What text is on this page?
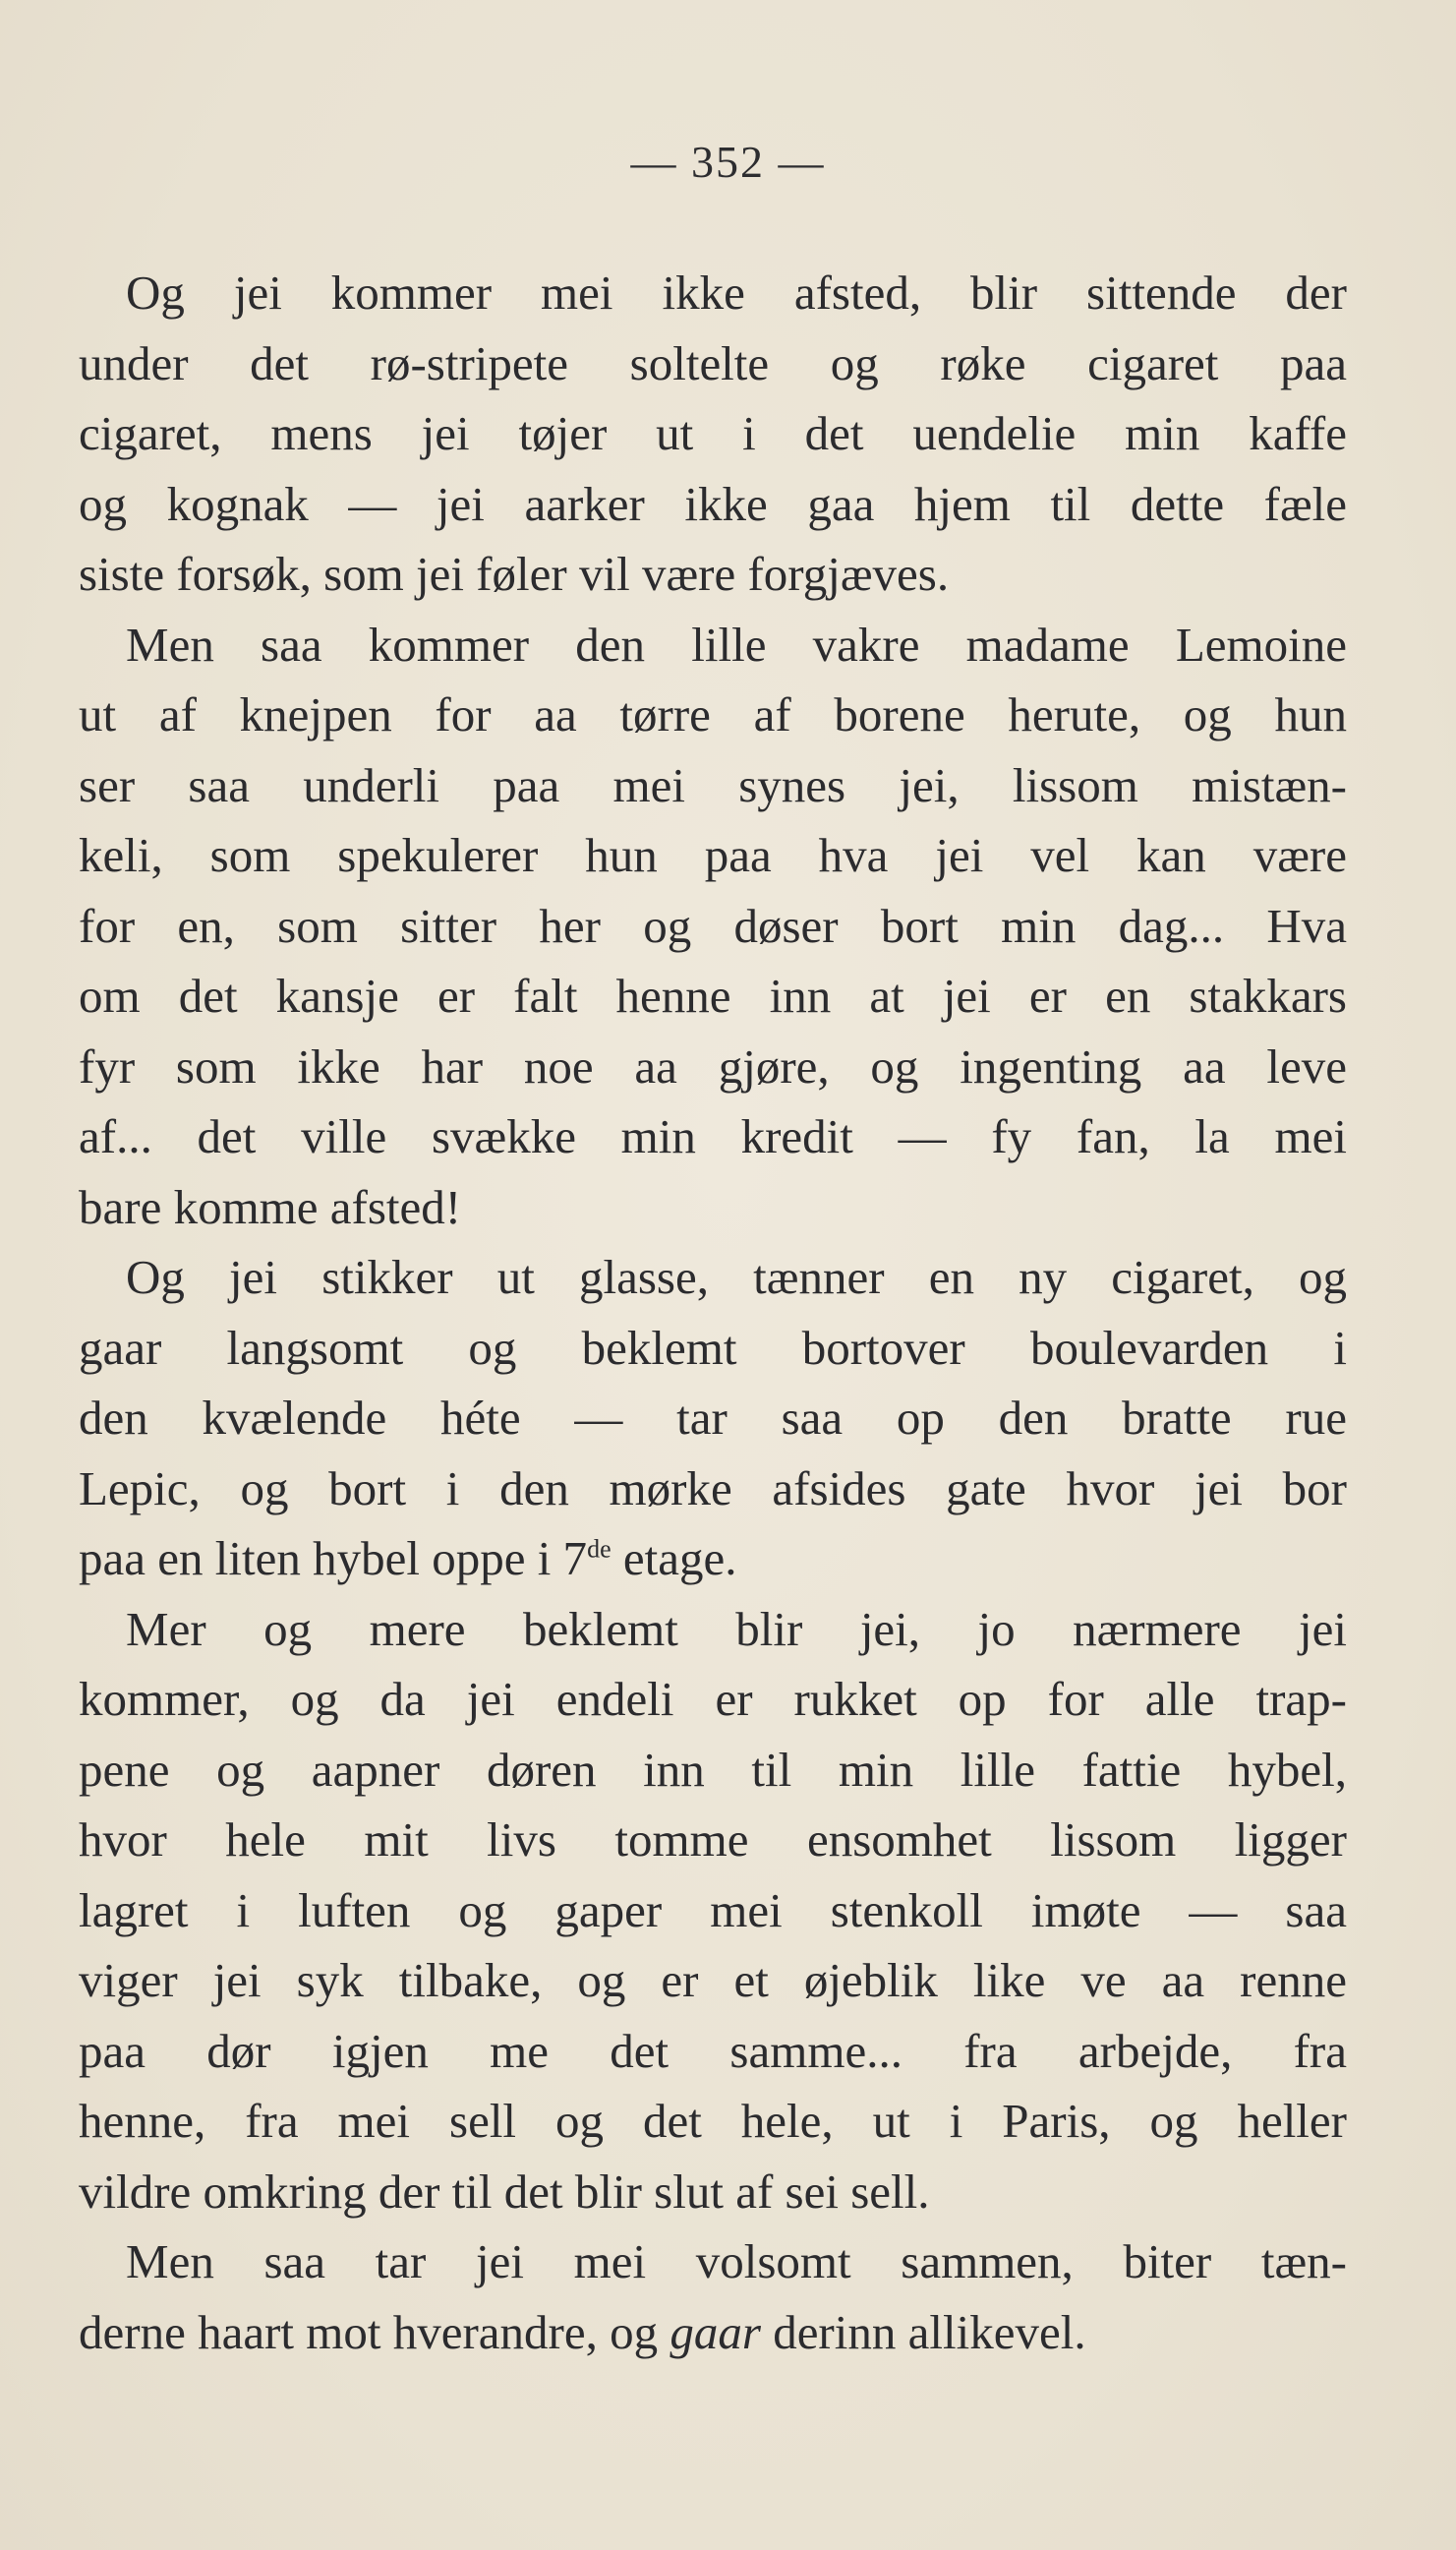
— 352 —
Og jei kommer mei ikke afsted, blir sittende der
under det rø-stripete soltelte og røke cigaret paa
cigaret, mens jei tøjer ut i det uendelie min kaffe
og kognak — jei aarker ikke gaa hjem til dette fæle
siste forsøk, som jei føler vil være forgjæves.
Men saa kommer den lille vakre madame Lemoine
ut af knejpen for aa tørre af borene herute, og hun
ser saa underli paa mei synes jei, lissom mistæn-
keli, som spekulerer hun paa hva jei vel kan være
for en, som sitter her og døser bort min dag... Hva
om det kansje er falt henne inn at jei er en stakkars
fyr som ikke har noe aa gjøre, og ingenting aa leve
af... det ville svække min kredit — fy fan, la mei
bare komme afsted!
Og jei stikker ut glasse, tænner en ny cigaret, og
gaar langsomt og beklemt bortover boulevarden i
den kvælende héte — tar saa op den bratte rue
Lepic, og bort i den mørke afsides gate hvor jei bor
paa en liten hybel oppe i 7de etage.
Mer og mere beklemt blir jei, jo nærmere jei
kommer, og da jei endeli er rukket op for alle trap-
pene og aapner døren inn til min lille fattie hybel,
hvor hele mit livs tomme ensomhet lissom ligger
lagret i luften og gaper mei stenkoll imøte — saa
viger jei syk tilbake, og er et øjeblik like ve aa renne
paa dør igjen me det samme... fra arbejde, fra
henne, fra mei sell og det hele, ut i Paris, og heller
vildre omkring der til det blir slut af sei sell.
Men saa tar jei mei volsomt sammen, biter tæn-
derne haart mot hverandre, og gaar derinn allikevel.
